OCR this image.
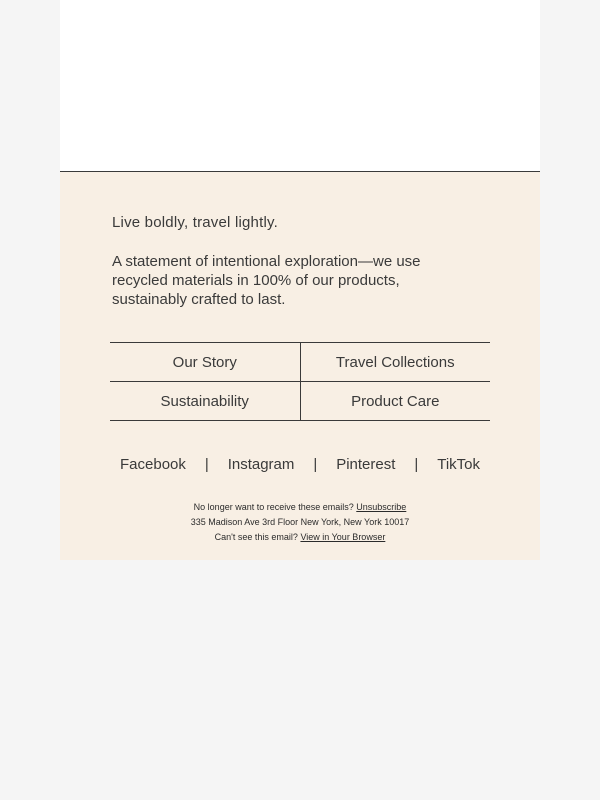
Live boldly, travel lightly.

A statement of intentional exploration—we use recycled materials in 100% of our products, sustainably crafted to last.

Our Story	Travel Collections
Sustainability	Product Care
Facebook | Instagram | Pinterest | TikTok
No longer want to receive these emails? Unsubscribe
335 Madison Ave 3rd Floor New York, New York 10017
Can't see this email? View in Your Browser
